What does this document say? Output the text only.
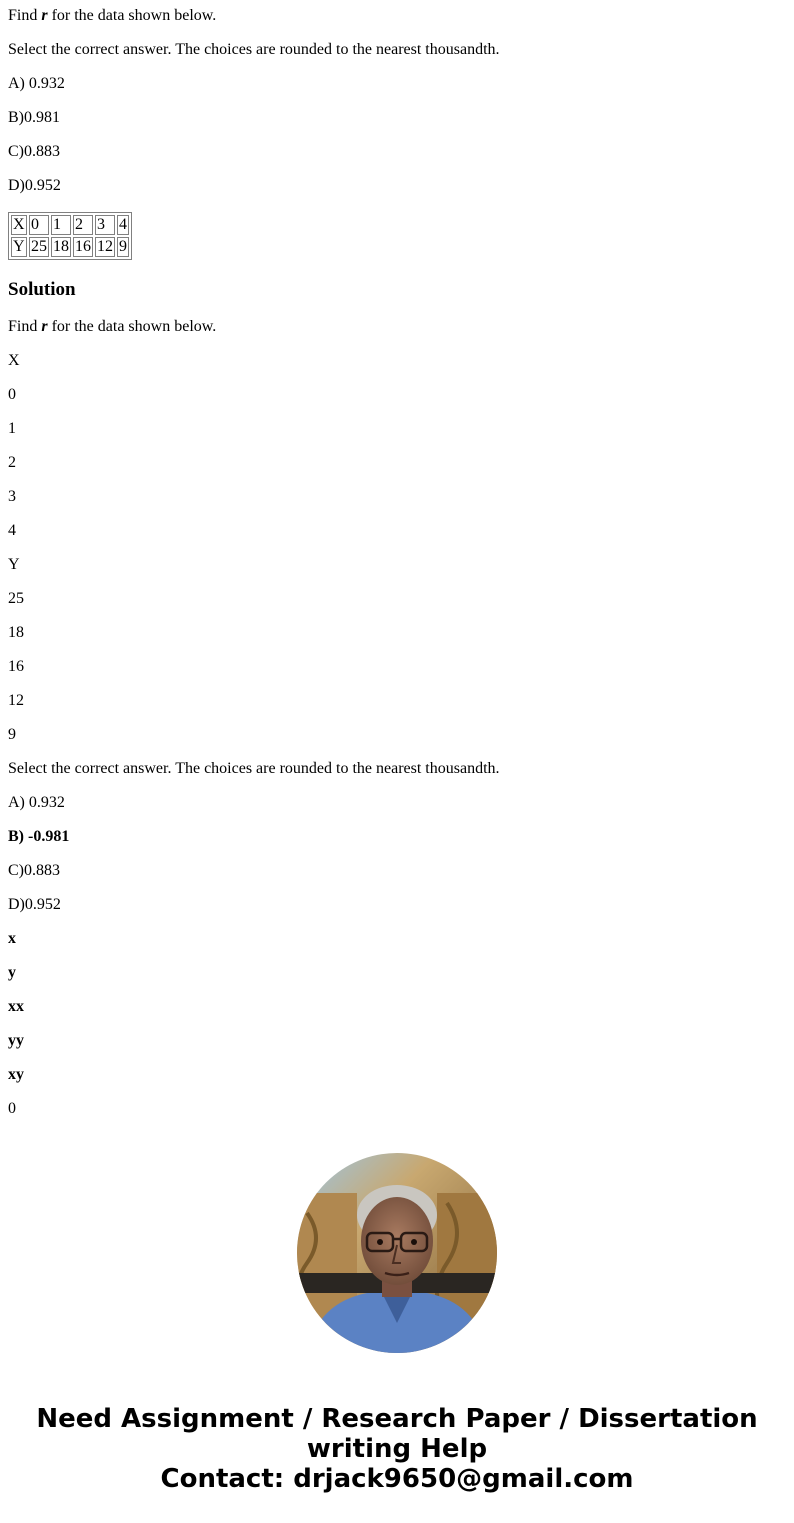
Find r for the data shown below.
Select the correct answer. The choices are rounded to the nearest thousandth.
A) 0.932
B)0.981
C)0.883
D)0.952
X	0	1	2	3	4
Y	25	18	16	12	9
Solution
Find r for the data shown below.
X
0
1
2
3
4
Y
25
18
16
12
9
Select the correct answer. The choices are rounded to the nearest thousandth.
A) 0.932
B) -0.981
C)0.883
D)0.952
x
y
xx
yy
xy
0
Need Assignment / Research Paper / Dissertation
writing Help
Contact: drjack9650@gmail.com
